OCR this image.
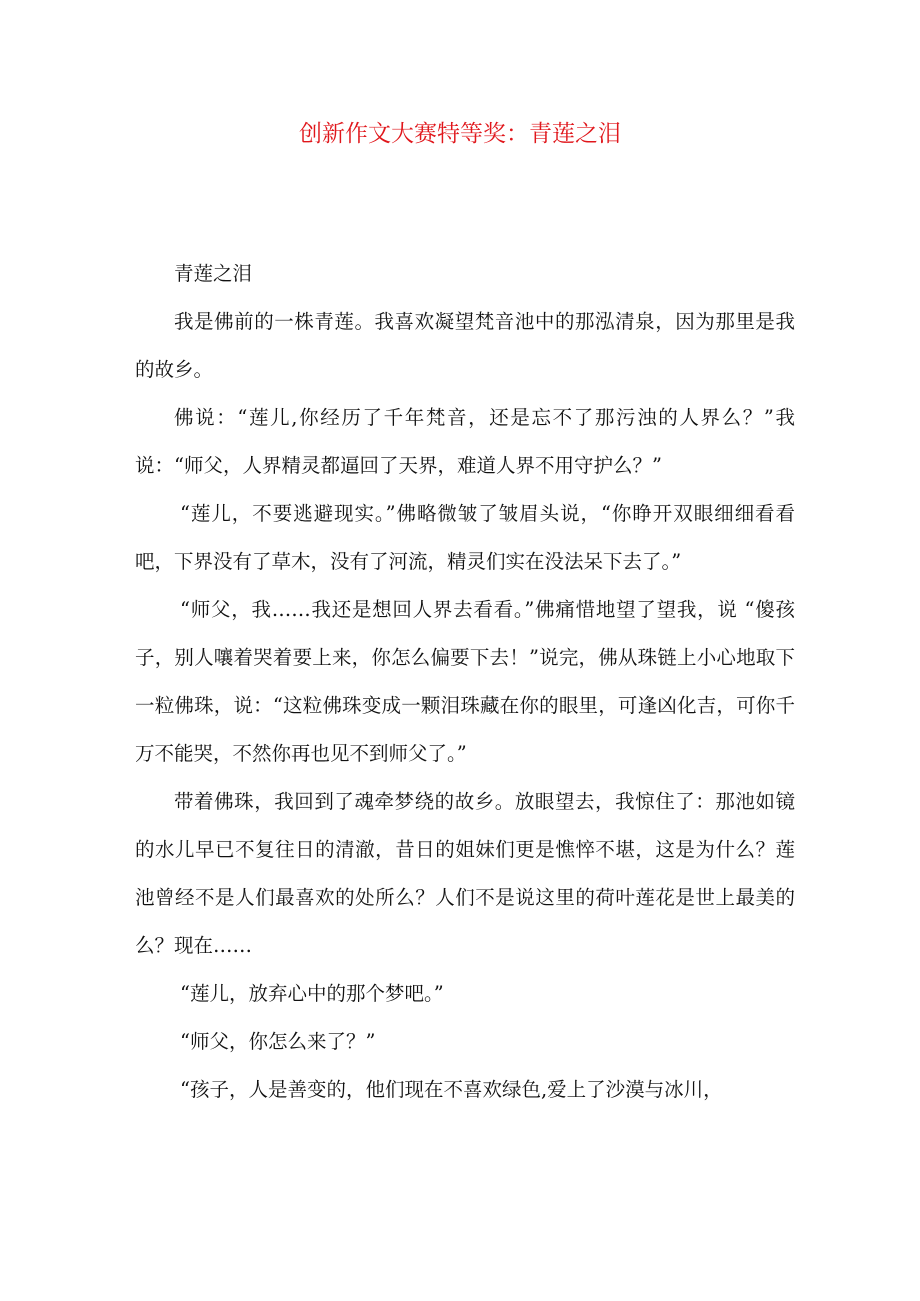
创新作文大赛特等奖：青莲之泪

青莲之泪

我是佛前的一株青莲。我喜欢凝望梵音池中的那泓清泉，因为那里是我的故乡。

佛说：“莲儿,你经历了千年梵音，还是忘不了那污浊的人界么？”我说：“师父，人界精灵都逼回了天界，难道人界不用守护么？”

“莲儿，不要逃避现实。”佛略微皱了皱眉头说，“你睁开双眼细细看看吧，下界没有了草木，没有了河流，精灵们实在没法呆下去了。”

“师父，我……我还是想回人界去看看。”佛痛惜地望了望我，说 “傻孩子，别人嚷着哭着要上来，你怎么偏要下去！”说完，佛从珠链上小心地取下一粒佛珠，说：“这粒佛珠变成一颗泪珠藏在你的眼里，可逢凶化吉，可你千万不能哭，不然你再也见不到师父了。”

带着佛珠，我回到了魂牵梦绕的故乡。放眼望去，我惊住了：那池如镜的水儿早已不复往日的清澈，昔日的姐妹们更是憔悴不堪，这是为什么？莲池曾经不是人们最喜欢的处所么？人们不是说这里的荷叶莲花是世上最美的么？现在……

“莲儿，放弃心中的那个梦吧。”

“师父，你怎么来了？”

“孩子，人是善变的，他们现在不喜欢绿色,爱上了沙漠与冰川，
